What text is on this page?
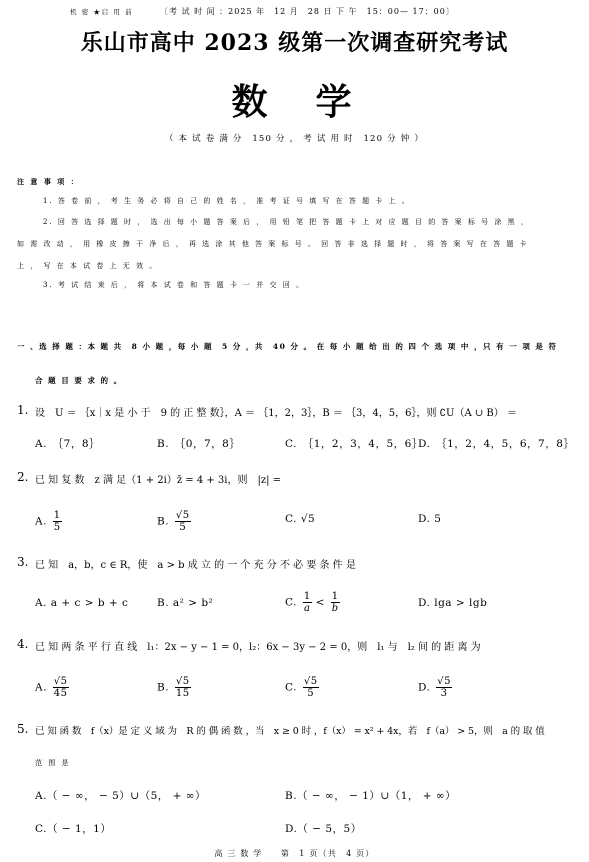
机 密 ★启 用 前	〔考 试 时 间 ：2025 年　12 月　28 日 下 午　15：00— 17：00〕
乐山市高中 2023 级第一次调查研究考试
数　学
（ 本 试 卷 满 分　150 分 ， 考 试 用 时　120 分 钟 ）
注 意 事 项 ：
1. 答 卷 前 ， 考 生 务 必 将 自 己 的 姓 名 ， 准 考 证 号 填 写 在 答 题 卡 上 。
2. 回 答 选 择 题 时 ， 选 出 每 小 题 答 案 后 ， 用 铅 笔 把 答 题 卡 上 对 应 题 目 的 答 案 标 号 涂 黑 ，
如 需 改 动 ， 用 橡 皮 擦 干 净 后 ， 再 选 涂 其 他 答 案 标 号 。 回 答 非 选 择 题 时 ， 将 答 案 写 在 答 题 卡
上 ， 写 在 本 试 卷 上 无 效 。
3. 考 试 结 束 后 ， 将 本 试 卷 和 答 题 卡 一 并 交 回 。
一 、选 择 题 ：本 题 共　8 小 题 ，每 小 题　5 分 ，共　40 分 。 在 每 小 题 给 出 的 四 个 选 项 中 ，只 有 一 项 是 符
合 题 目 要 求 的 。
1. 设　U ＝ ｛x｜x 是 小 于　9 的 正 整 数｝，A ＝ ｛1，2，3｝，B ＝ ｛3，4，5，6｝，则 ∁U（A ∪ B） ＝
A.　｛7，8｝	B.　｛0，7，8｝	C.　｛1，2，3，4，5，6｝
D.　｛1，2，4，5，6，7，8｝
2. 已 知 复 数　z 满 足（1 + 2i）z̄ = 4 + 3i，则　|z| =
A. $\frac{1}{5}$	B. $\frac{√5}{5}$	C. √5	D. 5
3. 已 知　a，b，c ∈ R，使　a > b 成 立 的 一 个 充 分 不 必 要 条 件 是
A. a + c > b + c	B. a² > b²	C. $\frac{1}{a} < \frac{1}{b}$	D. lga > lgb
4. 已 知 两 条 平 行 直 线　l₁：2x − y − 1 = 0，l₂：6x − 3y − 2 = 0，则　l₁ 与　l₂ 间 的 距 离 为
A. $\frac{√5}{45}$	B. $\frac{√5}{15}$	C. $\frac{√5}{5}$	D. $\frac{√5}{3}$
5. 已 知 函 数　f（x）是 定 义 域 为　R 的 偶 函 数 ，当　x ≥ 0 时 ，f（x） = x² + 4x，若　f（a） > 5，则　a 的 取 值
范 围 是
A.（ − ∞， − 5）∪（5， + ∞）	B.（ − ∞， − 1）∪（1， + ∞）
C.（ − 1，1）	D.（ − 5，5）
高 三 数 学　　第　1 页（共　4 页）
